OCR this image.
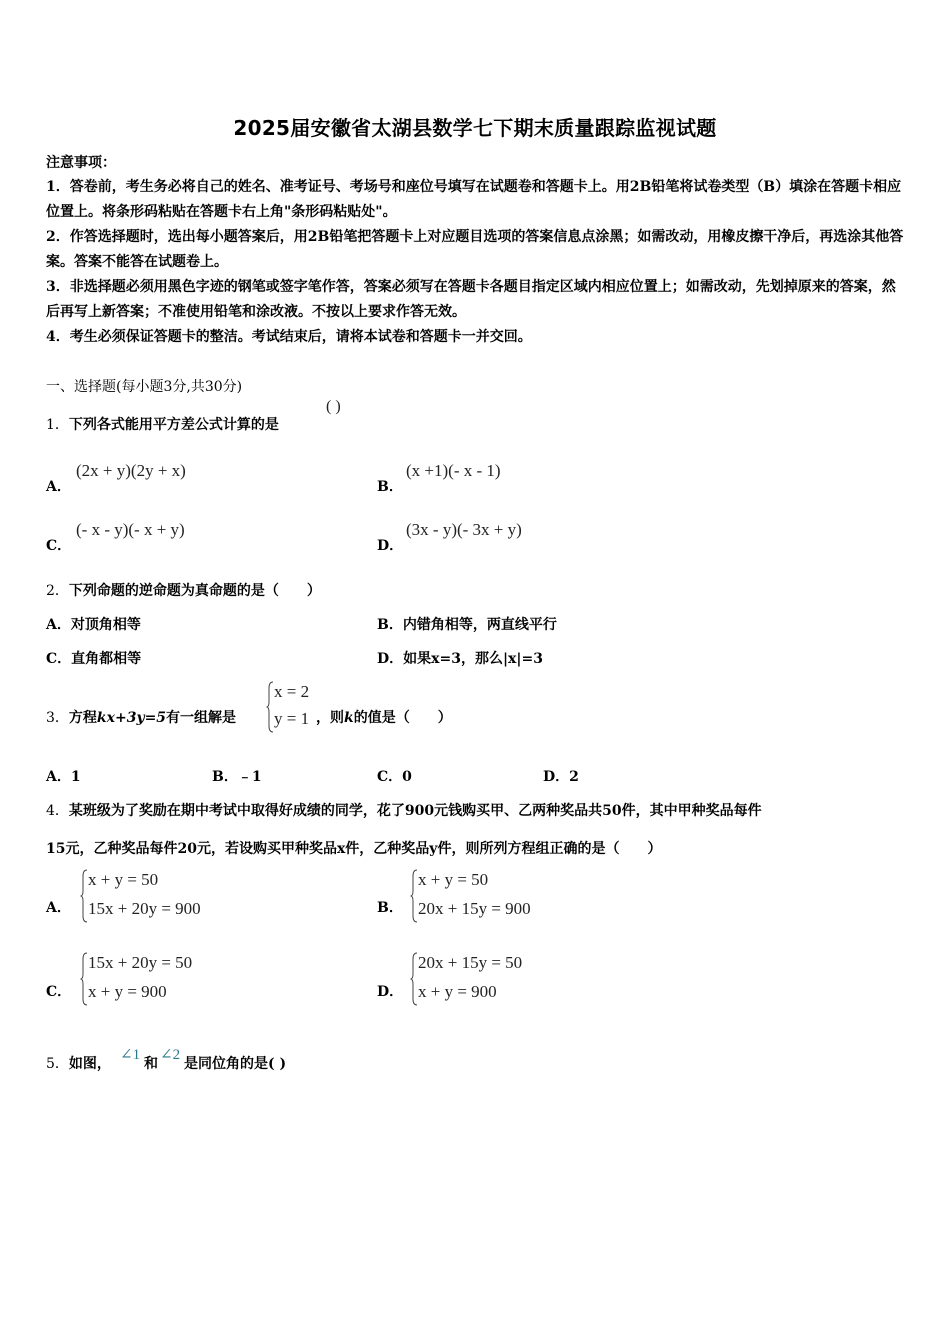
2025届安徽省太湖县数学七下期末质量跟踪监视试题
注意事项：
1．答卷前，考生务必将自己的姓名、准考证号、考场号和座位号填写在试题卷和答题卡上。用2B铅笔将试卷类型（B）填涂在答题卡相应位置上。将条形码粘贴在答题卡右上角"条形码粘贴处"。
2．作答选择题时，选出每小题答案后，用2B铅笔把答题卡上对应题目选项的答案信息点涂黑；如需改动，用橡皮擦干净后，再选涂其他答案。答案不能答在试题卷上。
3．非选择题必须用黑色字迹的钢笔或签字笔作答，答案必须写在答题卡各题目指定区域内相应位置上；如需改动，先划掉原来的答案，然后再写上新答案；不准使用铅笔和涂改液。不按以上要求作答无效。
4．考生必须保证答题卡的整洁。考试结束后，请将本试卷和答题卡一并交回。
一、选择题(每小题3分,共30分)
1．下列各式能用平方差公式计算的是
( )
A．
(2x + y)(2y + x)
B．
(x +1)(- x - 1)
C．
(- x - y)(- x + y)
D．
(3x - y)(- 3x + y)
2．下列命题的逆命题为真命题的是（　　）
A．对顶角相等	B．内错角相等，两直线平行
C．直角都相等	D．如果x=3，那么|x|=3
3．方程kx+3y=5有一组解是
x = 2
y = 1 ，则k的值是（　　）
A．1	B．﹣1	C．0	D．2
4．某班级为了奖励在期中考试中取得好成绩的同学，花了900元钱购买甲、乙两种奖品共50件，其中甲种奖品每件
15元，乙种奖品每件20元，若设购买甲种奖品x件，乙种奖品y件，则所列方程组正确的是（　　）
A．
x + y = 50
15x + 20y = 900	B．
x + y = 50
20x + 15y = 900
C．
15x + 20y = 50
x + y = 900	D．
20x + 15y = 50
x + y = 900
5．如图，
∠1
和
∠2
是同位角的是( )
